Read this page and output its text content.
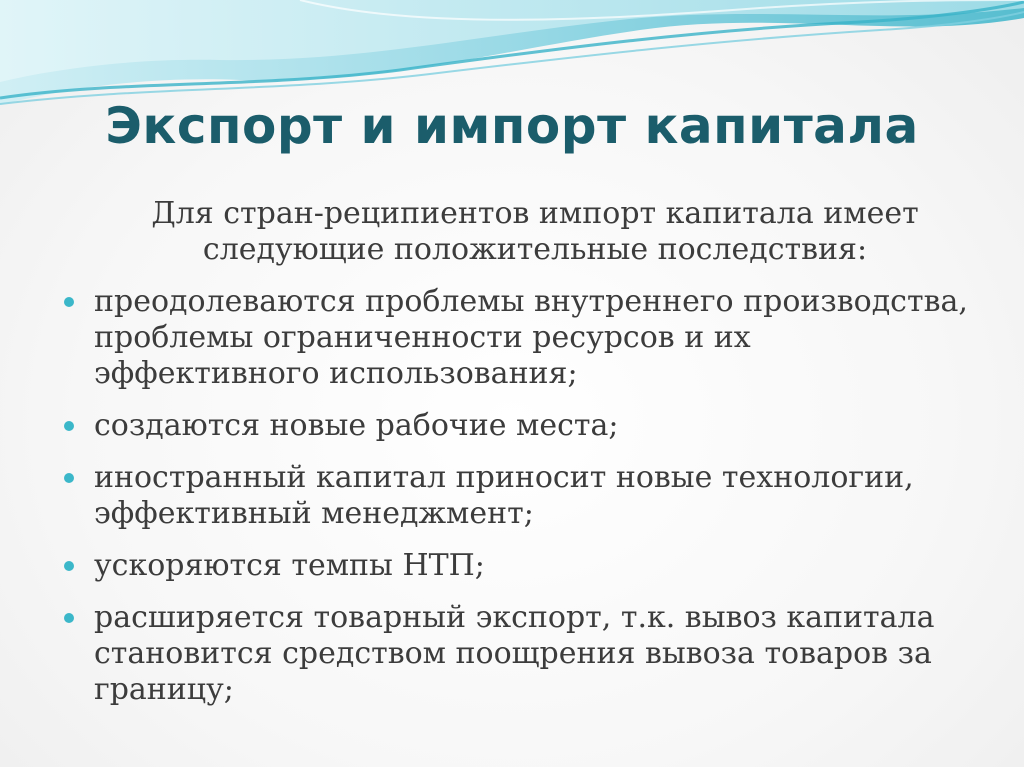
Экспорт и импорт капитала

Для стран-реципиентов импорт капитала имеет следующие положительные последствия:

преодолеваются проблемы внутреннего производства, проблемы ограниченности ресурсов и их эффективного использования;
создаются новые рабочие места;
иностранный капитал приносит новые технологии, эффективный менеджмент;
ускоряются темпы НТП;
расширяется товарный экспорт, т.к. вывоз капитала становится средством поощрения вывоза товаров за границу;
